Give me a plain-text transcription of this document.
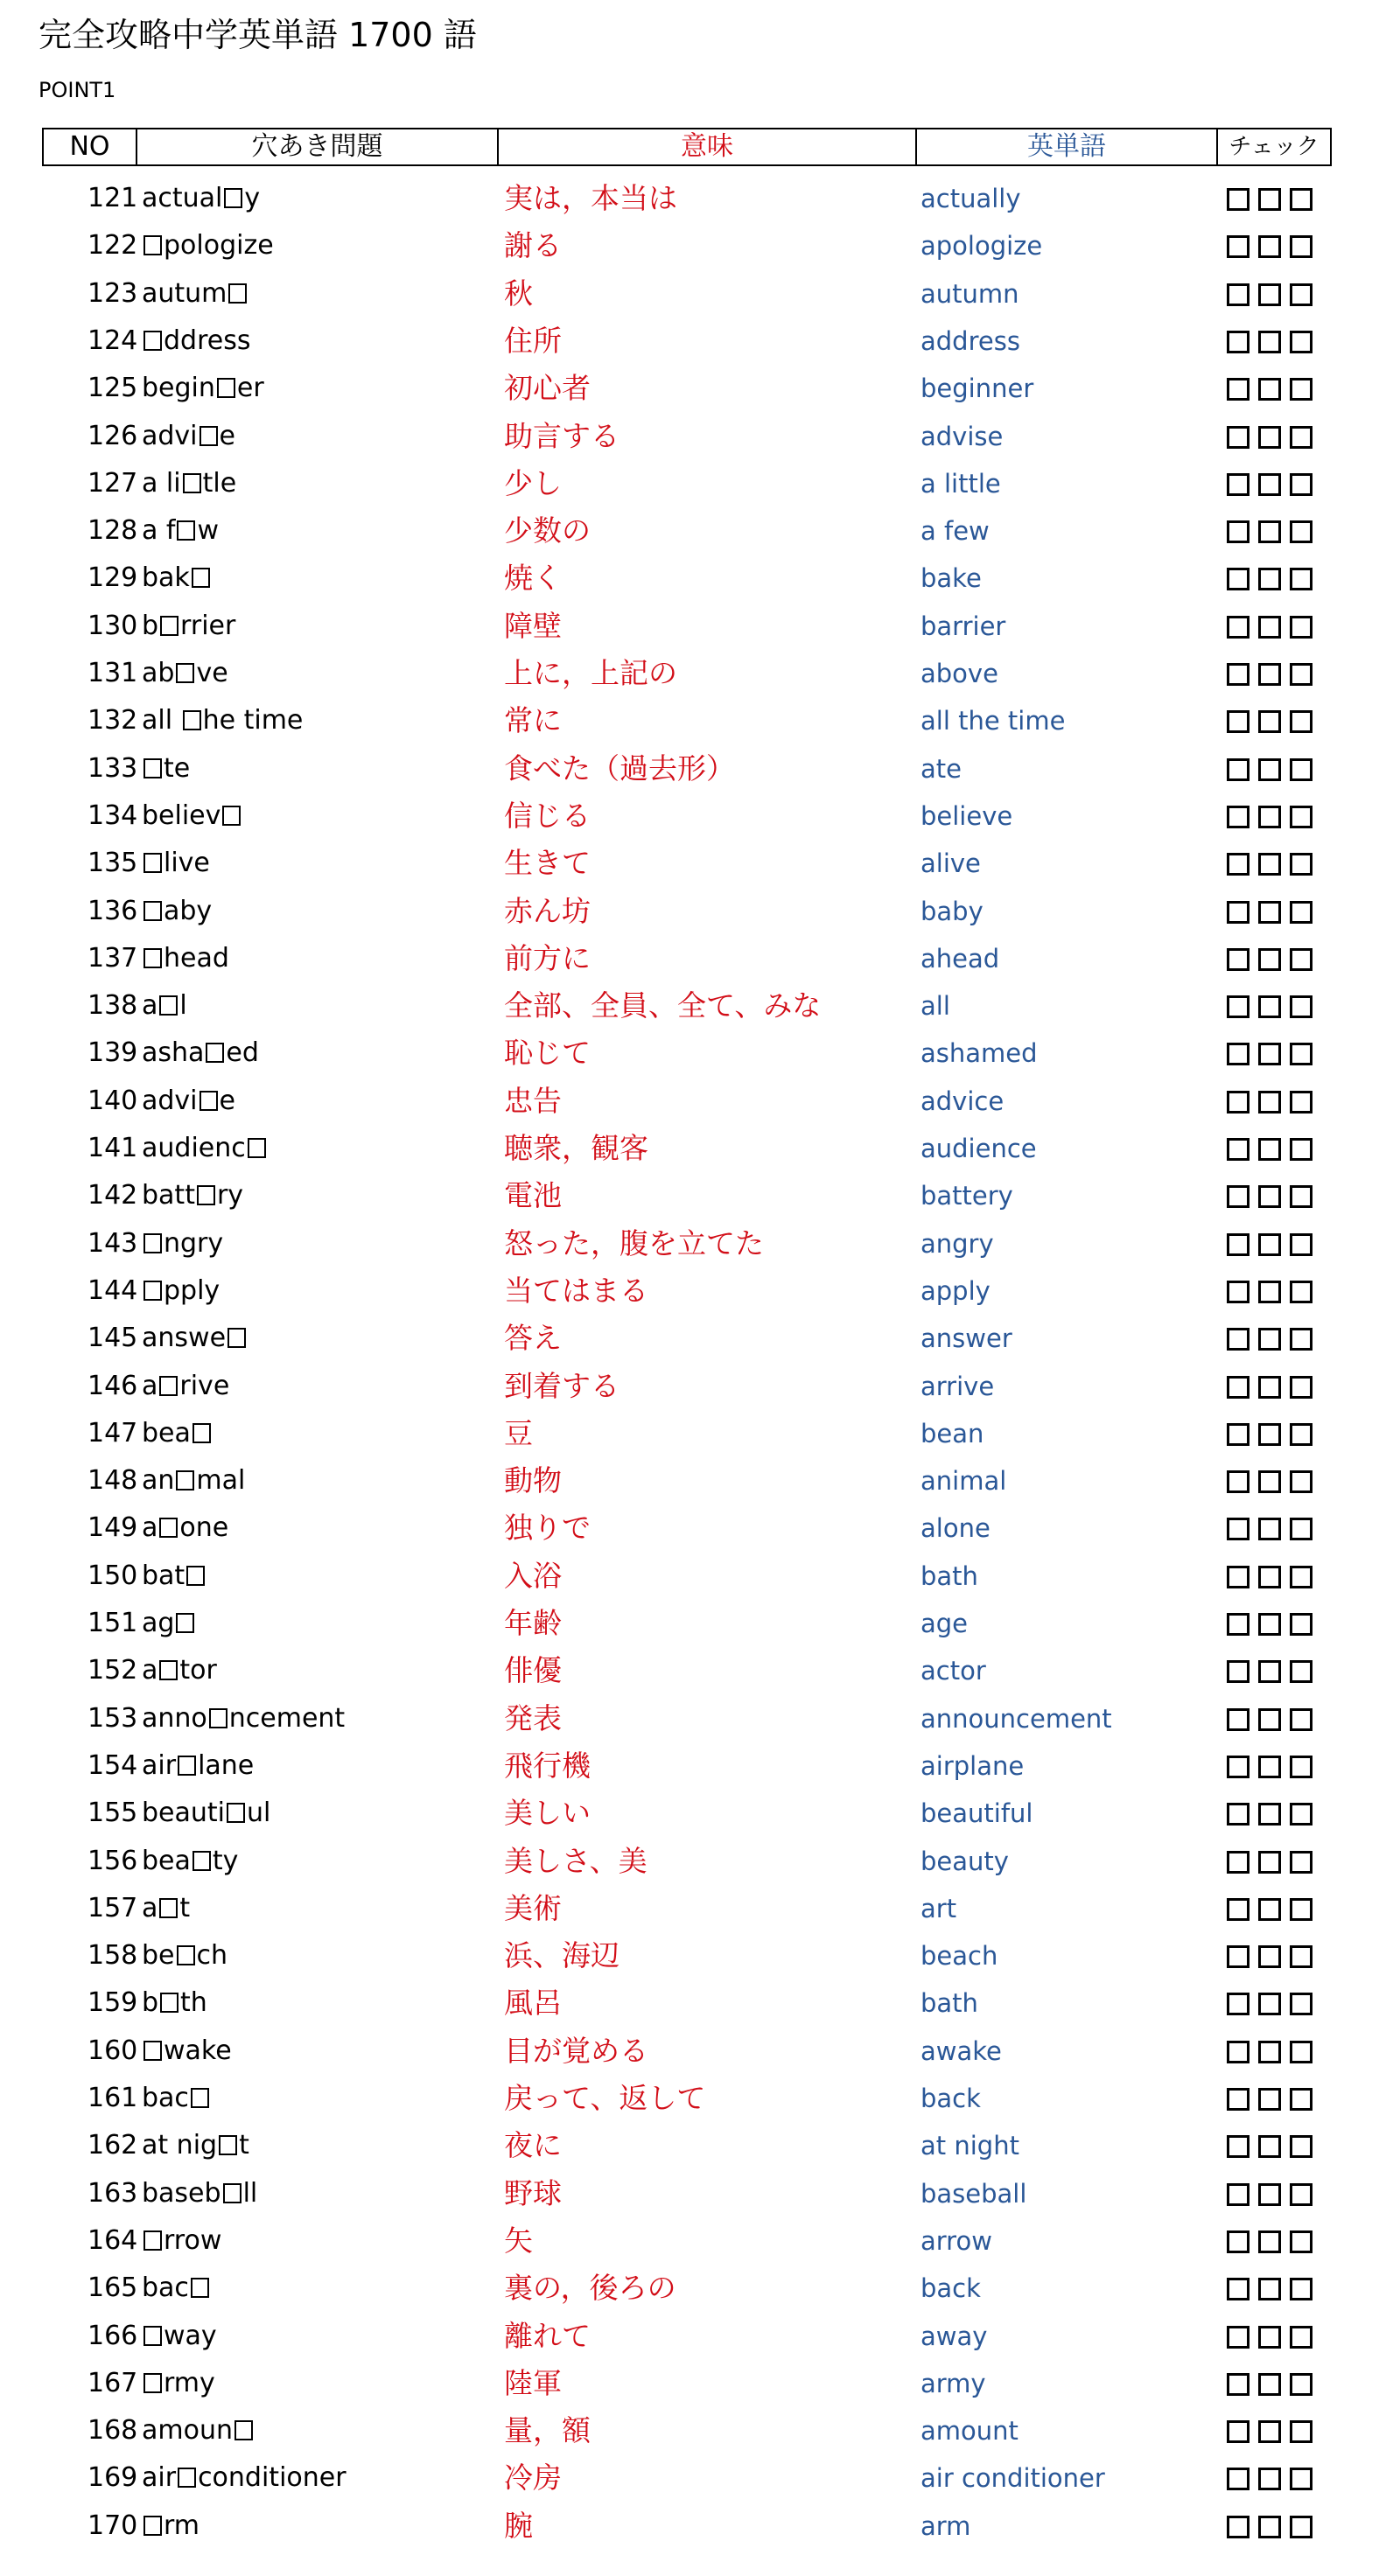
完全攻略中学英単語 1700 語
POINT1
NO	穴あき問題	意味	英単語	チェック
121 actual y	実は，本当は	actually
122 pologize	謝る	apologize
123 autum	秋	autumn
124 ddress	住所	address
125 begin er	初心者	beginner
126 advi e	助言する	advise
127 a li tle	少し	a little
128 a f w	少数の	a few
129 bak	焼く	bake
130 b rrier	障壁	barrier
131 ab ve	上に，上記の	above
132 all he time	常に	all the time
133 te	食べた（過去形）	ate
134 believ	信じる	believe
135 live	生きて	alive
136 aby	赤ん坊	baby
137 head	前方に	ahead
138 a l	全部、全員、全て、みな	all
139 asha ed	恥じて	ashamed
140 advi e	忠告	advice
141 audienc	聴衆，観客	audience
142 batt ry	電池	battery
143 ngry	怒った，腹を立てた	angry
144 pply	当てはまる	apply
145 answe	答え	answer
146 a rive	到着する	arrive
147 bea	豆	bean
148 an mal	動物	animal
149 a one	独りで	alone
150 bat	入浴	bath
151 ag	年齢	age
152 a tor	俳優	actor
153 anno ncement	発表	announcement
154 air lane	飛行機	airplane
155 beauti ul	美しい	beautiful
156 bea ty	美しさ、美	beauty
157 a t	美術	art
158 be ch	浜、海辺	beach
159 b th	風呂	bath
160 wake	目が覚める	awake
161 bac	戻って、返して	back
162 at nig t	夜に	at night
163 baseb ll	野球	baseball
164 rrow	矢	arrow
165 bac	裏の，後ろの	back
166 way	離れて	away
167 rmy	陸軍	army
168 amoun	量，額	amount
169 air conditioner	冷房	air conditioner
170 rm	腕	arm
